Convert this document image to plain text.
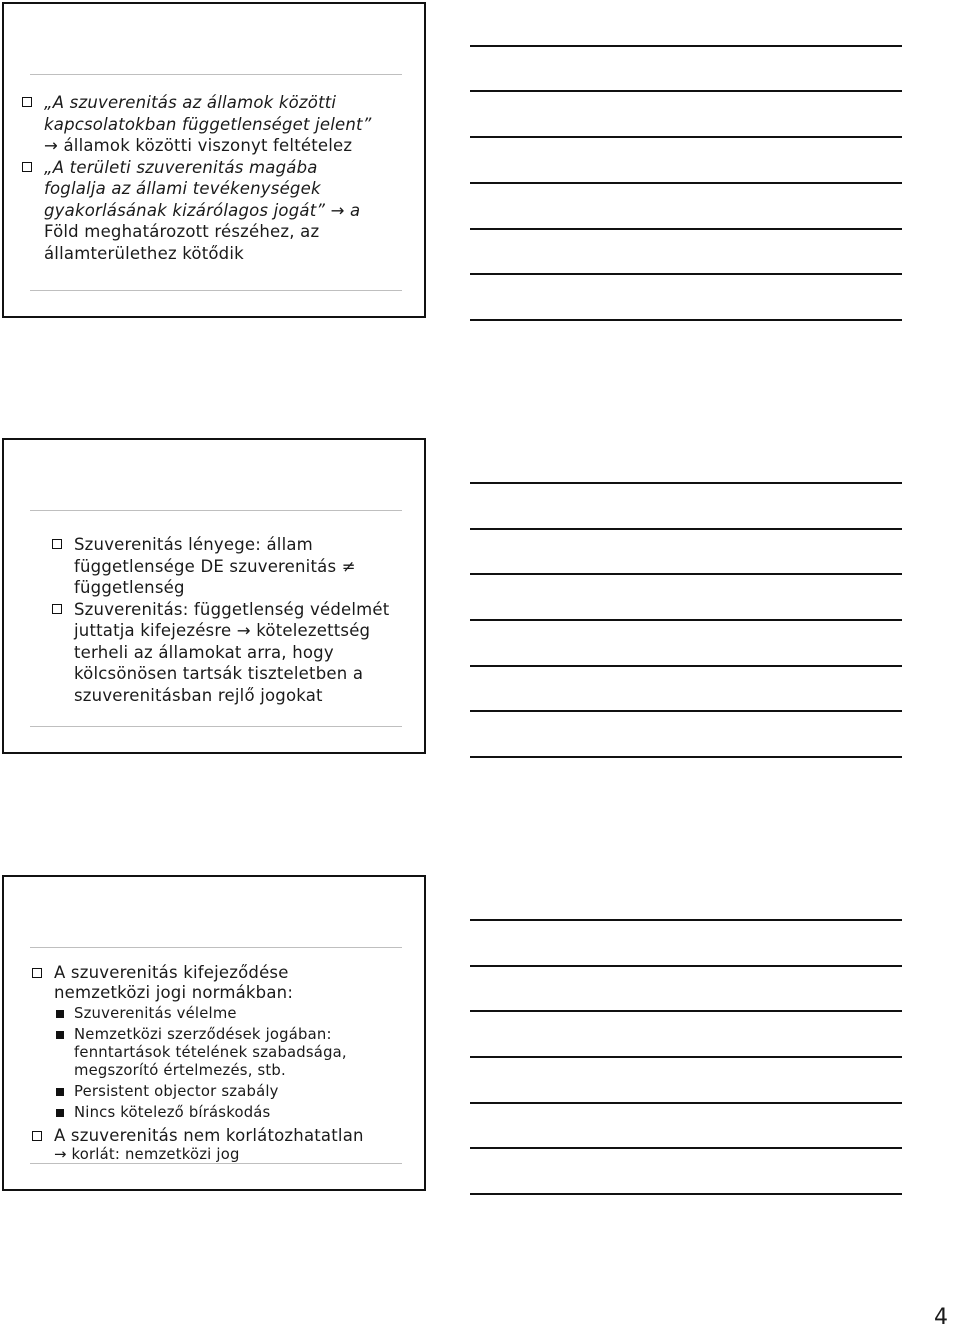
„A szuverenitás az államok közötti
kapcsolatokban függetlenséget jelent”
→ államok közötti viszonyt feltételez
„A területi szuverenitás magába
foglalja az állami tevékenységek
gyakorlásának kizárólagos jogát” → a
Föld meghatározott részéhez, az
államterülethez kötődik
Szuverenitás lényege: állam
függetlensége DE szuverenitás ≠
függetlenség
Szuverenitás: függetlenség védelmét
juttatja kifejezésre → kötelezettség
terheli az államokat arra, hogy
kölcsönösen tartsák tiszteletben a
szuverenitásban rejlő jogokat
A szuverenitás kifejeződése
nemzetközi jogi normákban:
Szuverenitás vélelme
Nemzetközi szerződések jogában:
fenntartások tételének szabadsága,
megszorító értelmezés, stb.
Persistent objector szabály
Nincs kötelező bíráskodás
A szuverenitás nem korlátozhatatlan
→ korlát: nemzetközi jog
4
